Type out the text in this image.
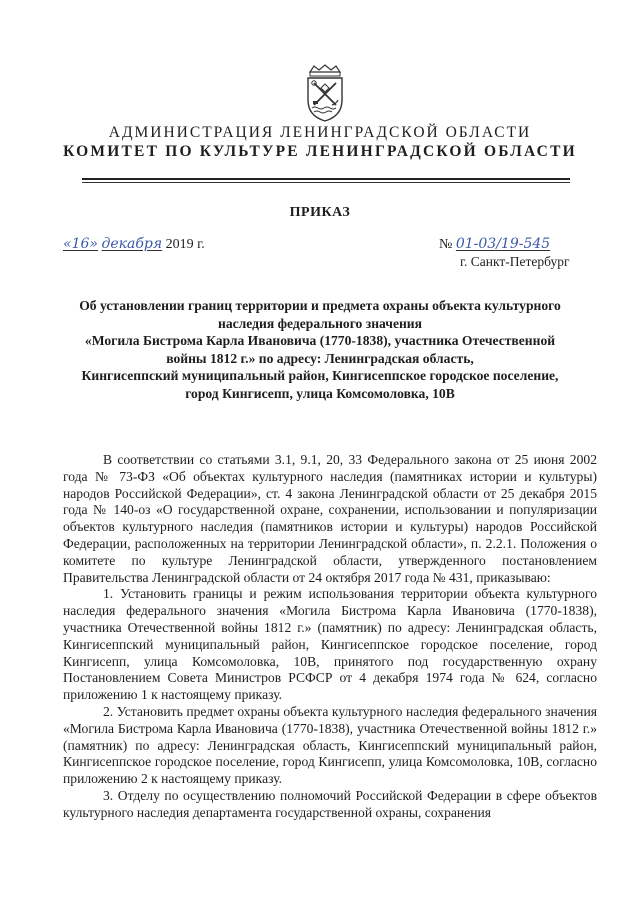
АДМИНИСТРАЦИЯ ЛЕНИНГРАДСКОЙ ОБЛАСТИ
КОМИТЕТ ПО КУЛЬТУРЕ ЛЕНИНГРАДСКОЙ ОБЛАСТИ
ПРИКАЗ
«16» декабря 2019 г.	№ 01-03/19-545
г. Санкт-Петербург
Об установлении границ территории и предмета охраны объекта культурного
наследия федерального значения
«Могила Бистрома Карла Ивановича (1770-1838), участника Отечественной
войны 1812 г.» по адресу: Ленинградская область,
Кингисеппский муниципальный район, Кингисеппское городское поселение,
город Кингисепп, улица Комсомоловка, 10В

В соответствии со статьями 3.1, 9.1, 20, 33 Федерального закона от 25 июня 2002 года № 73-ФЗ «Об объектах культурного наследия (памятниках истории и культуры) народов Российской Федерации», ст. 4 закона Ленинградской области от 25 декабря 2015 года № 140-оз «О государственной охране, сохранении, использовании и популяризации объектов культурного наследия (памятников истории и культуры) народов Российской Федерации, расположенных на территории Ленинградской области», п. 2.2.1. Положения о комитете по культуре Ленинградской области, утвержденного постановлением Правительства Ленинградской области от 24 октября 2017 года № 431, приказываю:

1. Установить границы и режим использования территории объекта культурного наследия федерального значения «Могила Бистрома Карла Ивановича (1770-1838), участника Отечественной войны 1812 г.» (памятник) по адресу: Ленинградская область, Кингисеппский муниципальный район, Кингисеппское городское поселение, город Кингисепп, улица Комсомоловка, 10В, принятого под государственную охрану Постановлением Совета Министров РСФСР от 4 декабря 1974 года № 624, согласно приложению 1 к настоящему приказу.

2. Установить предмет охраны объекта культурного наследия федерального значения «Могила Бистрома Карла Ивановича (1770-1838), участника Отечественной войны 1812 г.» (памятник) по адресу: Ленинградская область, Кингисеппский муниципальный район, Кингисеппское городское поселение, город Кингисепп, улица Комсомоловка, 10В, согласно приложению 2 к настоящему приказу.

3. Отделу по осуществлению полномочий Российской Федерации в сфере объектов культурного наследия департамента государственной охраны, сохранения
